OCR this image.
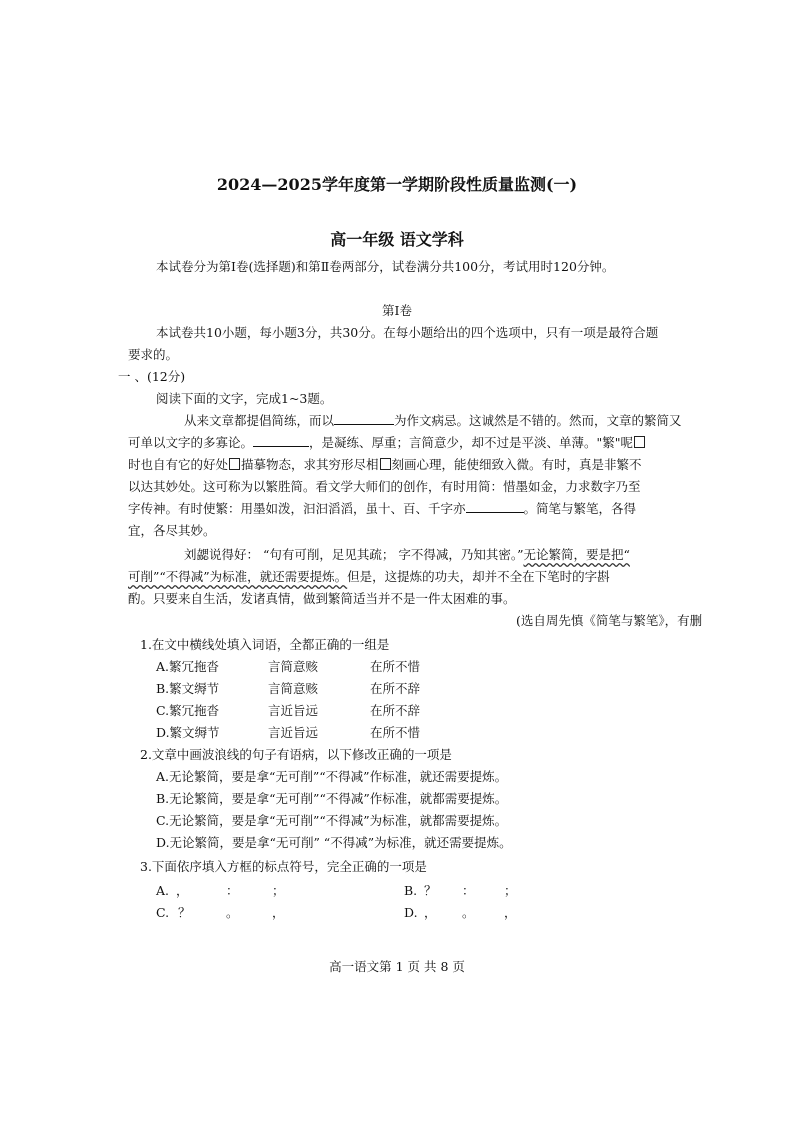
2024—2025学年度第一学期阶段性质量监测(一)
高一年级 语文学科
本试卷分为第Ⅰ卷(选择题)和第Ⅱ卷两部分，试卷满分共100分，考试用时120分钟。
第Ⅰ卷
本试卷共10小题，每小题3分，共30分。在每小题给出的四个选项中，只有一项是最符合题
要求的。
一 、(12分)
阅读下面的文字，完成1~3题。
从来文章都提倡简练，而以	为作文病忌。这诚然是不错的。然而，文章的繁简又
可单以文字的多寡论。	，是凝练、厚重；言简意少，却不过是平淡、单薄。"繁"呢
时也自有它的好处 描摹物态，求其穷形尽相 刻画心理，能使细致入微。有时，真是非繁不
以达其妙处。这可称为以繁胜简。看文学大师们的创作，有时用简：惜墨如金，力求数字乃至
字传神。有时使繁：用墨如泼，汩汩滔滔，虽十、百、千字亦	。简笔与繁笔，各得
宜，各尽其妙。
刘勰说得好： “句有可削，足见其疏； 字不得减，乃知其密。”无论繁简，要是把“
可削”“不得减”为标准，就还需要提炼。但是，这提炼的功夫，却并不全在下笔时的字斟
酌。只要来自生活，发诸真情，做到繁简适当并不是一件太困难的事。
(选自周先慎《简笔与繁笔》，有删
1.在文中横线处填入词语，全都正确的一组是
A.繁冗拖沓	言简意赅	在所不惜
B.繁文缛节	言简意赅	在所不辞
C.繁冗拖沓	言近旨远	在所不辞
D.繁文缛节	言近旨远	在所不惜
2.文章中画波浪线的句子有语病，以下修改正确的一项是
A.无论繁简，要是拿“无可削”“不得减”作标准，就还需要提炼。
B.无论繁简，要是拿“无可削”“不得减”作标准，就都需要提炼。
C.无论繁简，要是拿“无可削”“不得减”为标准，就都需要提炼。
D.无论繁简，要是拿“无可削” “不得减”为标准，就还需要提炼。
3.下面依序填入方框的标点符号，完全正确的一项是
A. ，	：	；	B. ？ ： ；
C. ？	。	，	D. ， 。 ，
高一语文第 1 页 共 8 页
